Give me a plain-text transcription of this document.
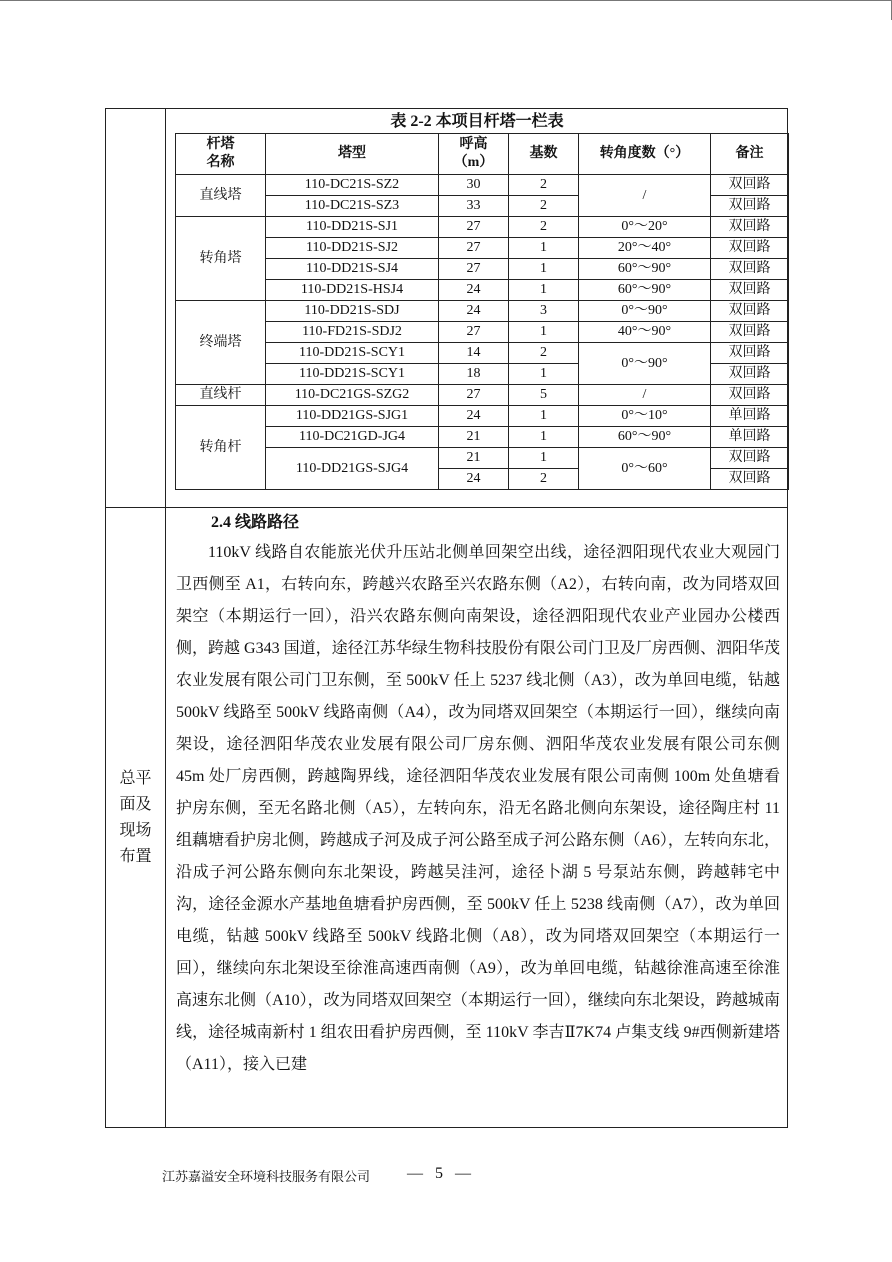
表 2-2 本项目杆塔一栏表
杆塔名称	塔型	呼高（m）	基数	转角度数（°）	备注
直线塔	110-DC21S-SZ2	30	2	/	双回路
	110-DC21S-SZ3	33	2		双回路
转角塔	110-DD21S-SJ1	27	2	0°～20°	双回路
	110-DD21S-SJ2	27	1	20°～40°	双回路
	110-DD21S-SJ4	27	1	60°～90°	双回路
	110-DD21S-HSJ4	24	1	60°～90°	双回路
终端塔	110-DD21S-SDJ	24	3	0°～90°	双回路
	110-FD21S-SDJ2	27	1	40°～90°	双回路
	110-DD21S-SCY1	14	2	0°～90°	双回路
	110-DD21S-SCY1	18	1		双回路
直线杆	110-DC21GS-SZG2	27	5	/	双回路
转角杆	110-DD21GS-SJG1	24	1	0°～10°	单回路
	110-DC21GD-JG4	21	1	60°～90°	单回路
	110-DD21GS-SJG4	21	1	0°～60°	双回路
		24	2		双回路
总平面及现场布置
2.4 线路路径

110kV 线路自农能旅光伏升压站北侧单回架空出线，途径泗阳现代农业大观园门卫西侧至 A1，右转向东，跨越兴农路至兴农路东侧（A2），右转向南，改为同塔双回架空（本期运行一回），沿兴农路东侧向南架设，途径泗阳现代农业产业园办公楼西侧，跨越 G343 国道，途径江苏华绿生物科技股份有限公司门卫及厂房西侧、泗阳华茂农业发展有限公司门卫东侧，至 500kV 任上 5237 线北侧（A3），改为单回电缆，钻越 500kV 线路至 500kV 线路南侧（A4），改为同塔双回架空（本期运行一回），继续向南架设，途径泗阳华茂农业发展有限公司厂房东侧、泗阳华茂农业发展有限公司东侧 45m 处厂房西侧，跨越陶界线，途径泗阳华茂农业发展有限公司南侧 100m 处鱼塘看护房东侧，至无名路北侧（A5），左转向东，沿无名路北侧向东架设，途径陶庄村 11 组藕塘看护房北侧，跨越成子河及成子河公路至成子河公路东侧（A6），左转向东北，沿成子河公路东侧向东北架设，跨越吴洼河，途径卜湖 5 号泵站东侧，跨越韩宅中沟，途径金源水产基地鱼塘看护房西侧，至 500kV 任上 5238 线南侧（A7），改为单回电缆，钻越 500kV 线路至 500kV 线路北侧（A8），改为同塔双回架空（本期运行一回），继续向东北架设至徐淮高速西南侧（A9），改为单回电缆，钻越徐淮高速至徐淮高速东北侧（A10），改为同塔双回架空（本期运行一回），继续向东北架设，跨越城南线，途径城南新村 1 组农田看护房西侧，至 110kV 李吉Ⅱ7K74 卢集支线 9#西侧新建塔（A11），接入已建

江苏嘉溢安全环境科技服务有限公司 — 5 —
